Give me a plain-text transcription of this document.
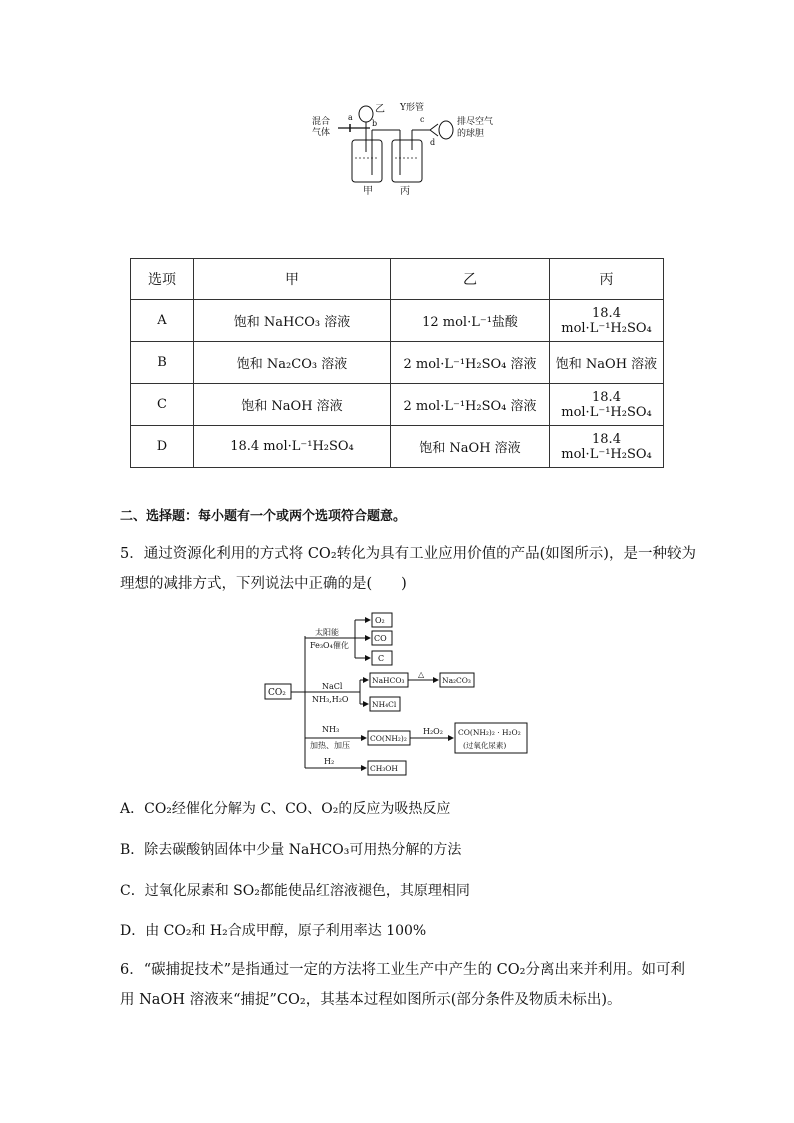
混合
气体
a
乙
b
甲	丙
Y形管
c
d
排尽空气
的球胆
选项	甲	乙	丙
A	饱和 NaHCO₃ 溶液	12 mol·L⁻¹盐酸	18.4 mol·L⁻¹H₂SO₄
B	饱和 Na₂CO₃ 溶液	2 mol·L⁻¹H₂SO₄ 溶液	饱和 NaOH 溶液
C	饱和 NaOH 溶液	2 mol·L⁻¹H₂SO₄ 溶液	18.4 mol·L⁻¹H₂SO₄
D	18.4 mol·L⁻¹H₂SO₄	饱和 NaOH 溶液	18.4 mol·L⁻¹H₂SO₄
二、选择题：每小题有一个或两个选项符合题意。
5．通过资源化利用的方式将 CO₂转化为具有工业应用价值的产品(如图所示)，是一种较为
理想的减排方式，下列说法中正确的是(　　)
CO₂
太阳能
Fe₃O₄催化
O₂
CO
C
NaCl
NH₃,H₂O
NaHCO₃
NH₄Cl
△
Na₂CO₃
NH₃
加热、加压
CO(NH₂)₂
H₂O₂ CO(NH₂)₂ · H₂O₂
(过氧化尿素)
H₂
CH₃OH
A．CO₂经催化分解为 C、CO、O₂的反应为吸热反应
B．除去碳酸钠固体中少量 NaHCO₃可用热分解的方法
C．过氧化尿素和 SO₂都能使品红溶液褪色，其原理相同
D．由 CO₂和 H₂合成甲醇，原子利用率达 100%
6．“碳捕捉技术”是指通过一定的方法将工业生产中产生的 CO₂分离出来并利用。如可利
用 NaOH 溶液来“捕捉”CO₂，其基本过程如图所示(部分条件及物质未标出)。
